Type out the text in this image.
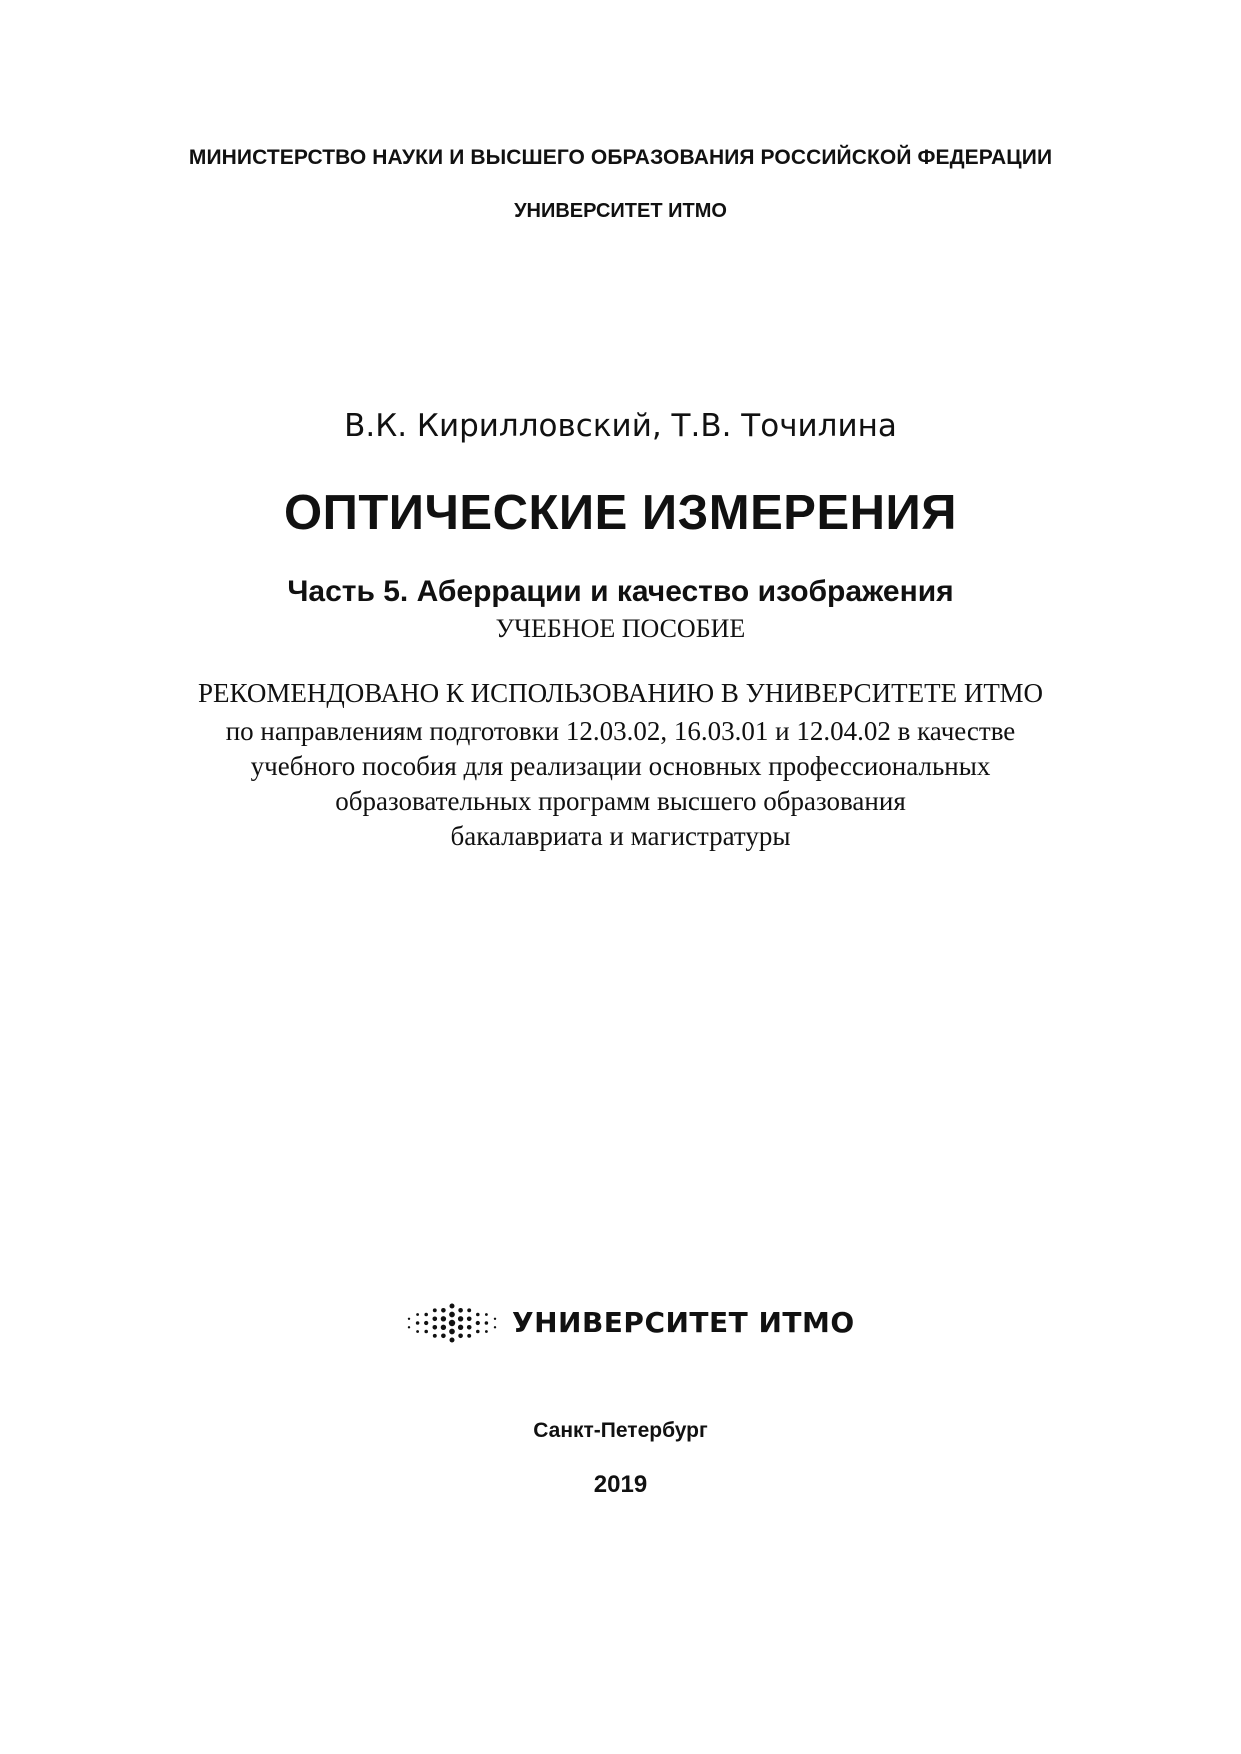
МИНИСТЕРСТВО НАУКИ И ВЫСШЕГО ОБРАЗОВАНИЯ РОССИЙСКОЙ ФЕДЕРАЦИИ

УНИВЕРСИТЕТ ИТМО

В.К. Кирилловский, Т.В. Точилина

ОПТИЧЕСКИЕ ИЗМЕРЕНИЯ

Часть 5. Аберрации и качество изображения

УЧЕБНОЕ ПОСОБИЕ

РЕКОМЕНДОВАНО К ИСПОЛЬЗОВАНИЮ В УНИВЕРСИТЕТЕ ИТМО

по направлениям подготовки 12.03.02, 16.03.01 и 12.04.02 в качестве

учебного пособия для реализации основных профессиональных

образовательных программ высшего образования

бакалавриата и магистратуры

УНИВЕРСИТЕТ ИТМО

Санкт-Петербург

2019
